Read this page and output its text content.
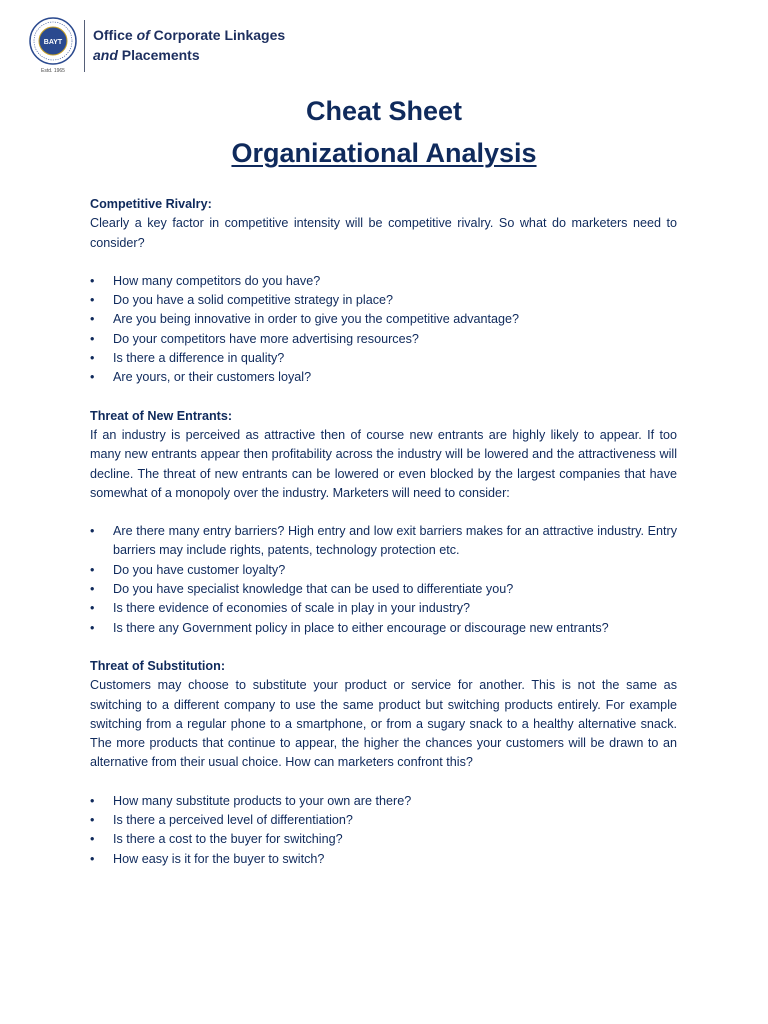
BAYT
Estd. 1965
Office of Corporate Linkages
and Placements
Cheat Sheet
Organizational Analysis

Competitive Rivalry:

Clearly a key factor in competitive intensity will be competitive rivalry. So what do marketers need to consider?

• How many competitors do you have?
• Do you have a solid competitive strategy in place?
• Are you being innovative in order to give you the competitive advantage?
• Do your competitors have more advertising resources?
• Is there a difference in quality?
• Are yours, or their customers loyal?

Threat of New Entrants:

If an industry is perceived as attractive then of course new entrants are highly likely to appear. If too many new entrants appear then profitability across the industry will be lowered and the attractiveness will decline. The threat of new entrants can be lowered or even blocked by the largest companies that have somewhat of a monopoly over the industry. Marketers will need to consider:

• Are there many entry barriers? High entry and low exit barriers makes for an attractive industry. Entry barriers may include rights, patents, technology protection etc.
• Do you have customer loyalty?
• Do you have specialist knowledge that can be used to differentiate you?
• Is there evidence of economies of scale in play in your industry?
• Is there any Government policy in place to either encourage or discourage new entrants?

Threat of Substitution:

Customers may choose to substitute your product or service for another. This is not the same as switching to a different company to use the same product but switching products entirely. For example switching from a regular phone to a smartphone, or from a sugary snack to a healthy alternative snack. The more products that continue to appear, the higher the chances your customers will be drawn to an alternative from their usual choice. How can marketers confront this?

• How many substitute products to your own are there?
• Is there a perceived level of differentiation?
• Is there a cost to the buyer for switching?
• How easy is it for the buyer to switch?
